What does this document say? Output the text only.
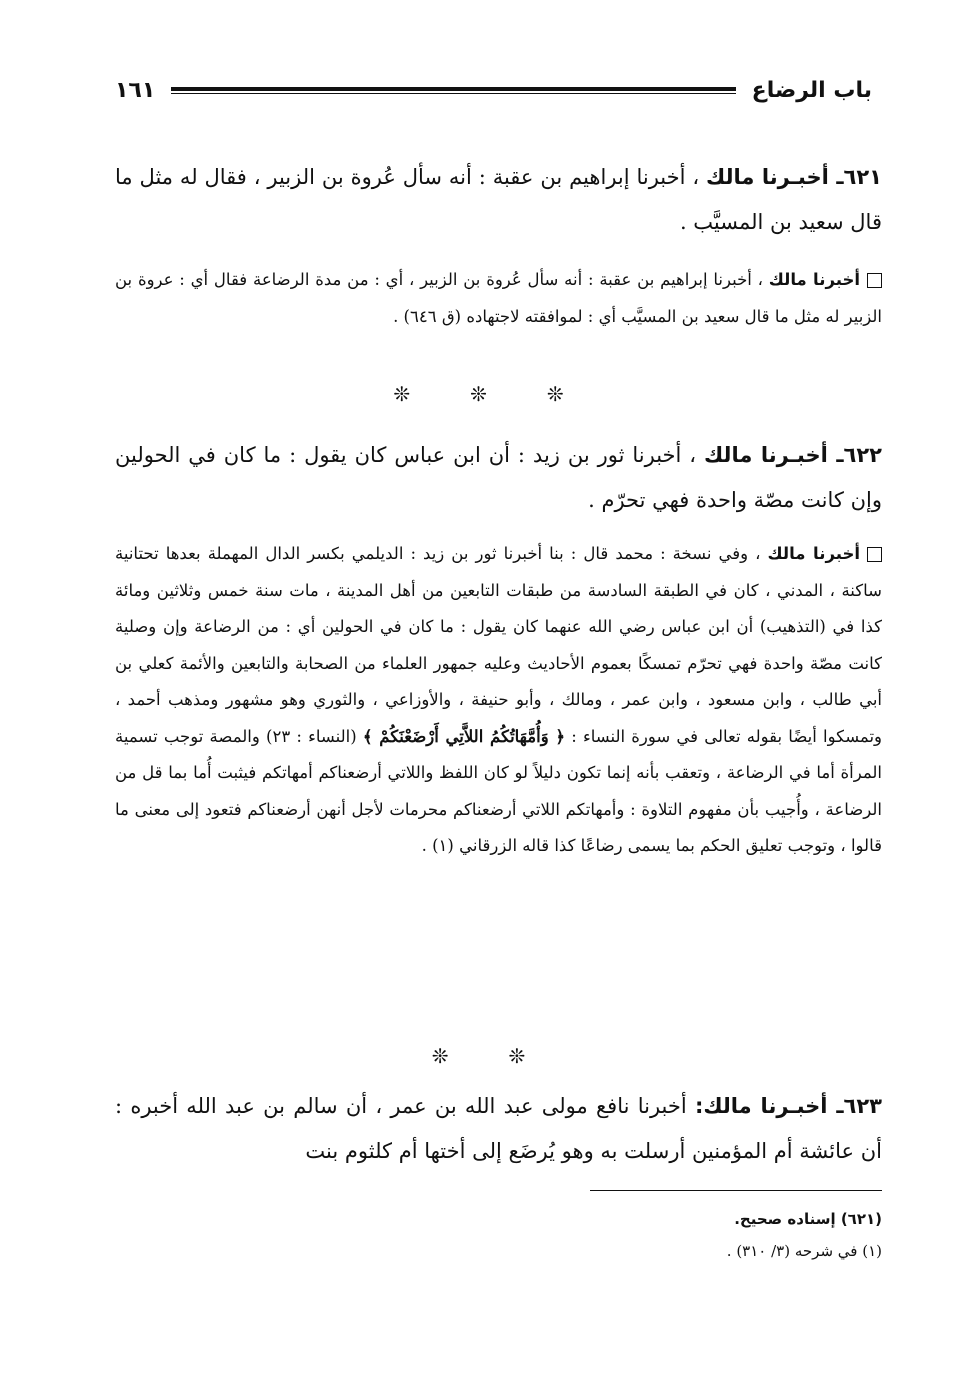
باب الرضاع
١٦١
٦٢١ـ أخبـرنا مالك ، أخبرنا إبراهيم بن عقبة : أنه سأل عُروة بن الزبير ، فقال له مثل ما قال سعيد بن المسيَّب .
أخبرنا مالك ، أخبرنا إبراهيم بن عقبة : أنه سأل عُروة بن الزبير ، أي : من مدة الرضاعة فقال أي : عروة بن الزبير له مثل ما قال سعيد بن المسيَّب أي : لموافقته لاجتهاده (ق ٦٤٦) .
❊	❊	❊
٦٢٢ـ أخبـرنا مالك ، أخبرنا ثور بن زيد : أن ابن عباس كان يقول : ما كان في الحولين وإن كانت مصّة واحدة فهي تحرّم .
أخبرنا مالك ، وفي نسخة : محمد قال : بنا أخبرنا ثور بن زيد : الديلمي بكسر الدال المهملة بعدها تحتانية ساكنة ، المدني ، كان في الطبقة السادسة من طبقات التابعين من أهل المدينة ، مات سنة خمس وثلاثين ومائة كذا في (التذهيب) أن ابن عباس رضي الله عنهما كان يقول : ما كان في الحولين أي : من الرضاعة وإن وصلية كانت مصّة واحدة فهي تحرّم تمسكًا بعموم الأحاديث وعليه جمهور العلماء من الصحابة والتابعين والأئمة كعلي بن أبي طالب ، وابن مسعود ، وابن عمر ، ومالك ، وأبو حنيفة ، والأوزاعي ، والثوري وهو مشهور ومذهب أحمد ، وتمسكوا أيضًا بقوله تعالى في سورة النساء : ﴿ وَأُمَّهَاتُكُمُ اللاَّتِي أَرْضَعْنَكُمْ ﴾ (النساء : ٢٣) والمصة توجب تسمية المرأة أما في الرضاعة ، وتعقب بأنه إنما تكون دليلاً لو كان اللفظ واللاتي أرضعناكم أمهاتكم فيثبت أُما بما قل من الرضاعة ، وأُجيب بأن مفهوم التلاوة : وأمهاتكم اللاتي أرضعناكم محرمات لأجل أنهن أرضعناكم فتعود إلى معنى ما قالوا ، وتوجب تعليق الحكم بما يسمى رضاعًا كذا قاله الزرقاني (١) .
❊	❊
٦٢٣ـ أخبـرنا مالك: أخبرنا نافع مولى عبد الله بن عمر ، أن سالم بن عبد الله أخبره : أن عائشة أم المؤمنين أرسلت به وهو يُرضَع إلى أختها أم كلثوم بنت
(٦٢١) إسناده صحيح.
(١) في شرحه (٣/ ٣١٠) .
